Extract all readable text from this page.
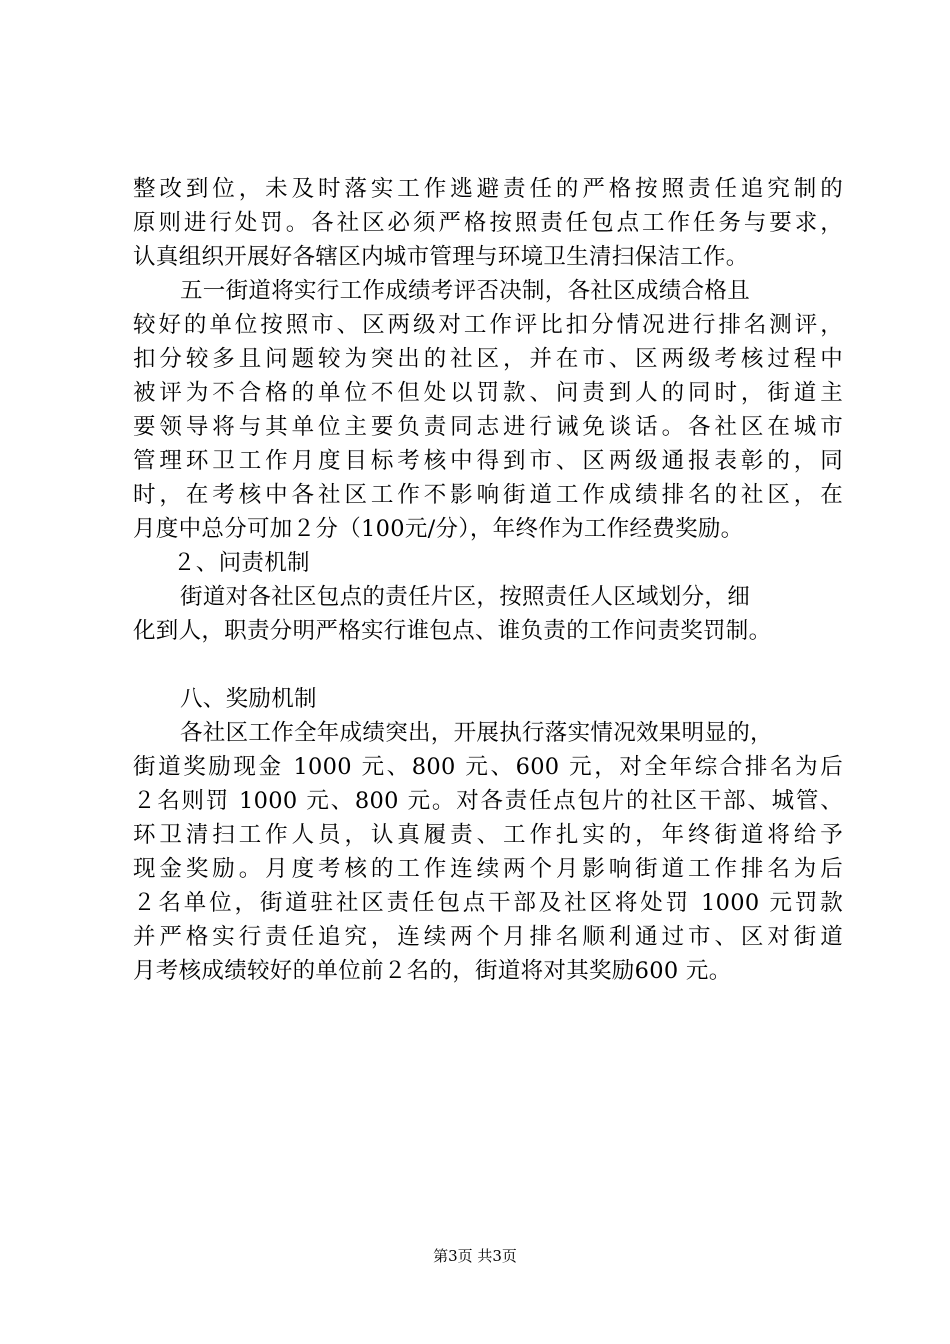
整改到位，未及时落实工作逃避责任的严格按照责任追究制的
原则进行处罚。各社区必须严格按照责任包点工作任务与要求，
认真组织开展好各辖区内城市管理与环境卫生清扫保洁工作。
五一街道将实行工作成绩考评否决制，各社区成绩合格且
较好的单位按照市、区两级对工作评比扣分情况进行排名测评，
扣分较多且问题较为突出的社区，并在市、区两级考核过程中
被评为不合格的单位不但处以罚款、问责到人的同时，街道主
要领导将与其单位主要负责同志进行诫免谈话。各社区在城市
管理环卫工作月度目标考核中得到市、区两级通报表彰的，同
时，在考核中各社区工作不影响街道工作成绩排名的社区，在
月度中总分可加２分（100元/分），年终作为工作经费奖励。
２、问责机制
街道对各社区包点的责任片区，按照责任人区域划分，细
化到人，职责分明严格实行谁包点、谁负责的工作问责奖罚制。
八、奖励机制
各社区工作全年成绩突出，开展执行落实情况效果明显的，
街道奖励现金 1000 元、800 元、600 元，对全年综合排名为后
２名则罚 1000 元、800 元。对各责任点包片的社区干部、城管、
环卫清扫工作人员，认真履责、工作扎实的，年终街道将给予
现金奖励。月度考核的工作连续两个月影响街道工作排名为后
２名单位，街道驻社区责任包点干部及社区将处罚 1000 元罚款
并严格实行责任追究，连续两个月排名顺利通过市、区对街道
月考核成绩较好的单位前２名的，街道将对其奖励600 元。
第3页 共3页
